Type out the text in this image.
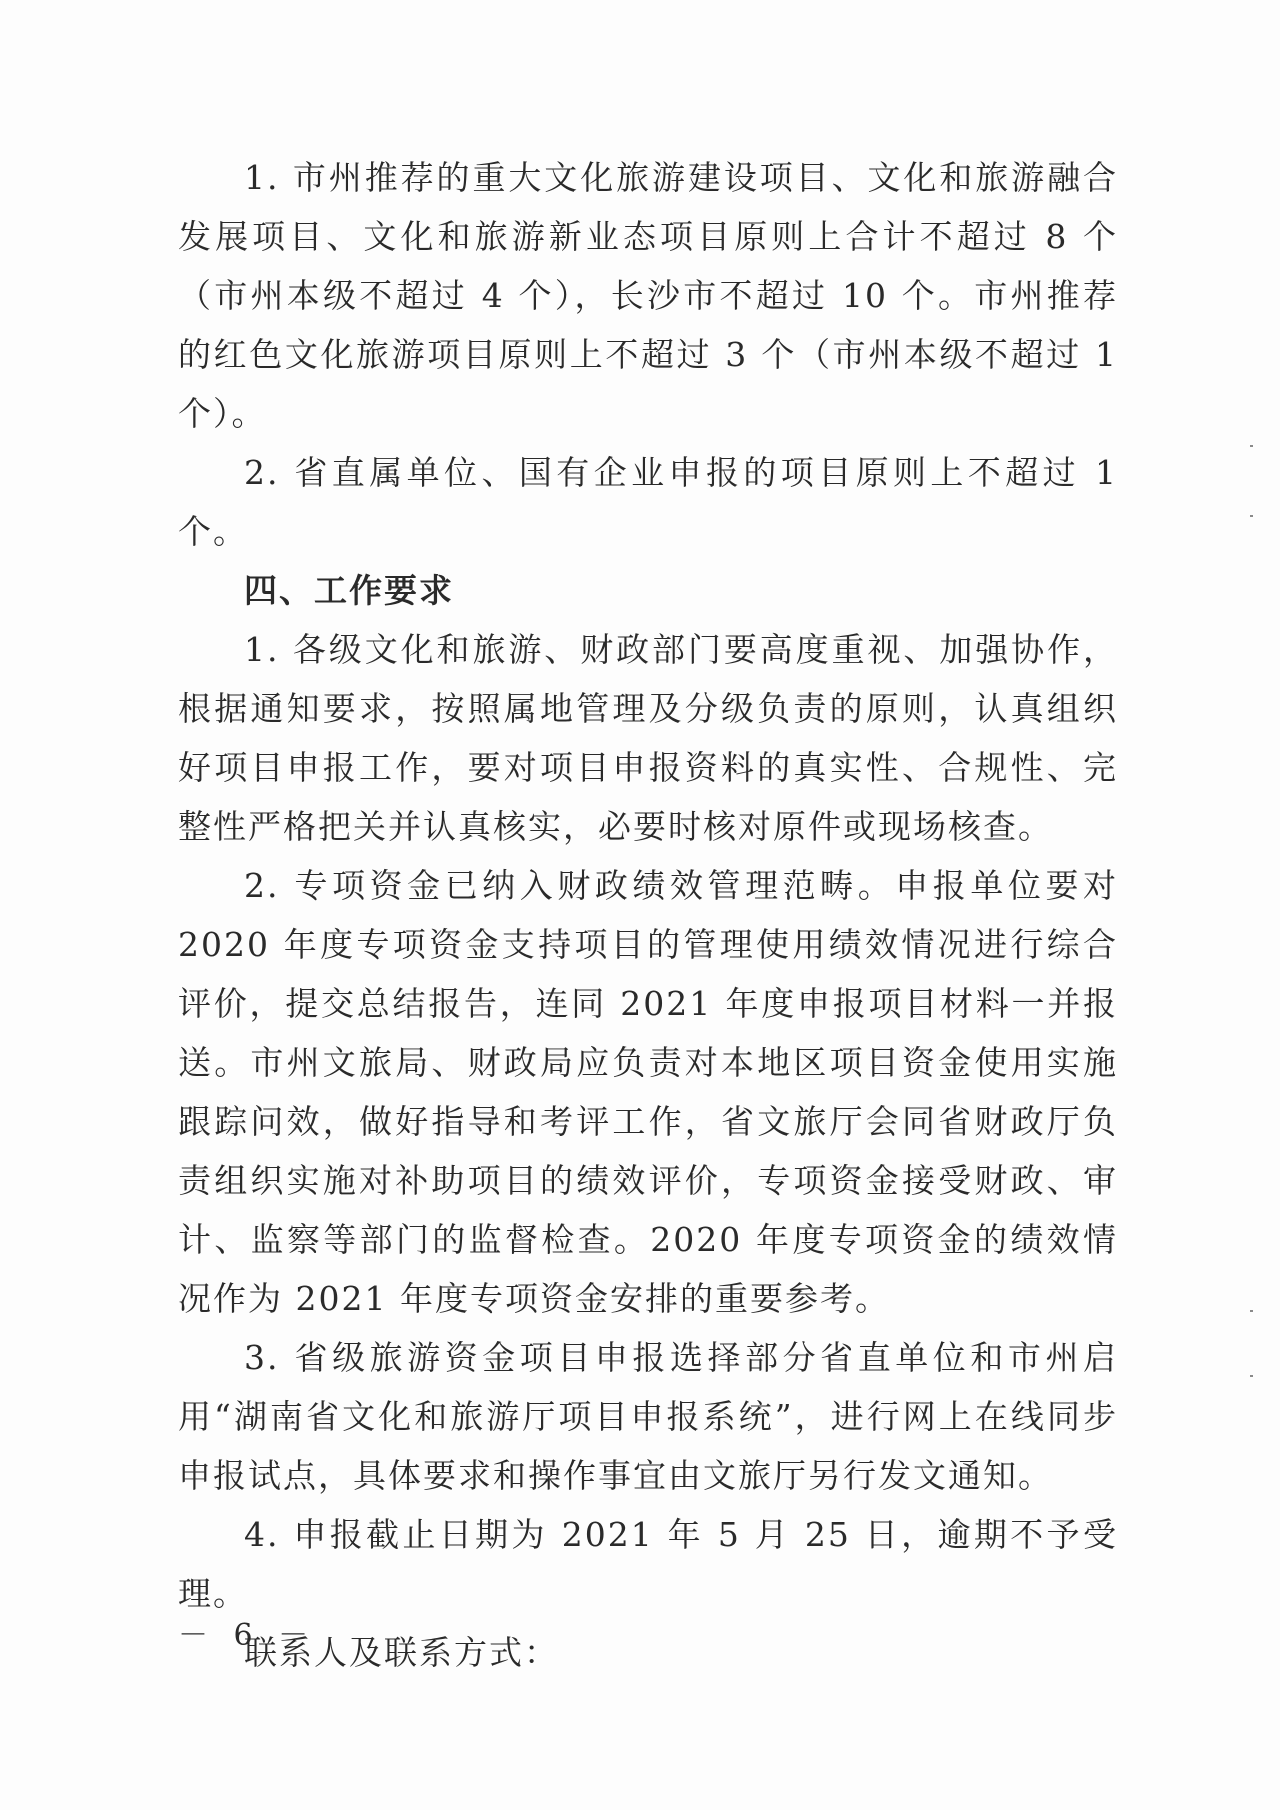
1. 市州推荐的重大文化旅游建设项目、文化和旅游融合发展项目、文化和旅游新业态项目原则上合计不超过 8 个（市州本级不超过 4 个），长沙市不超过 10 个。市州推荐的红色文化旅游项目原则上不超过 3 个（市州本级不超过 1 个）。

2. 省直属单位、国有企业申报的项目原则上不超过 1 个。

四、工作要求

1. 各级文化和旅游、财政部门要高度重视、加强协作，根据通知要求，按照属地管理及分级负责的原则，认真组织好项目申报工作，要对项目申报资料的真实性、合规性、完整性严格把关并认真核实，必要时核对原件或现场核查。

2. 专项资金已纳入财政绩效管理范畴。申报单位要对 2020 年度专项资金支持项目的管理使用绩效情况进行综合评价，提交总结报告，连同 2021 年度申报项目材料一并报送。市州文旅局、财政局应负责对本地区项目资金使用实施跟踪问效，做好指导和考评工作，省文旅厅会同省财政厅负责组织实施对补助项目的绩效评价，专项资金接受财政、审计、监察等部门的监督检查。2020 年度专项资金的绩效情况作为 2021 年度专项资金安排的重要参考。

3. 省级旅游资金项目申报选择部分省直单位和市州启用“湖南省文化和旅游厅项目申报系统”，进行网上在线同步申报试点，具体要求和操作事宜由文旅厅另行发文通知。

4. 申报截止日期为 2021 年 5 月 25 日，逾期不予受理。

联系人及联系方式：

－ 6 －
